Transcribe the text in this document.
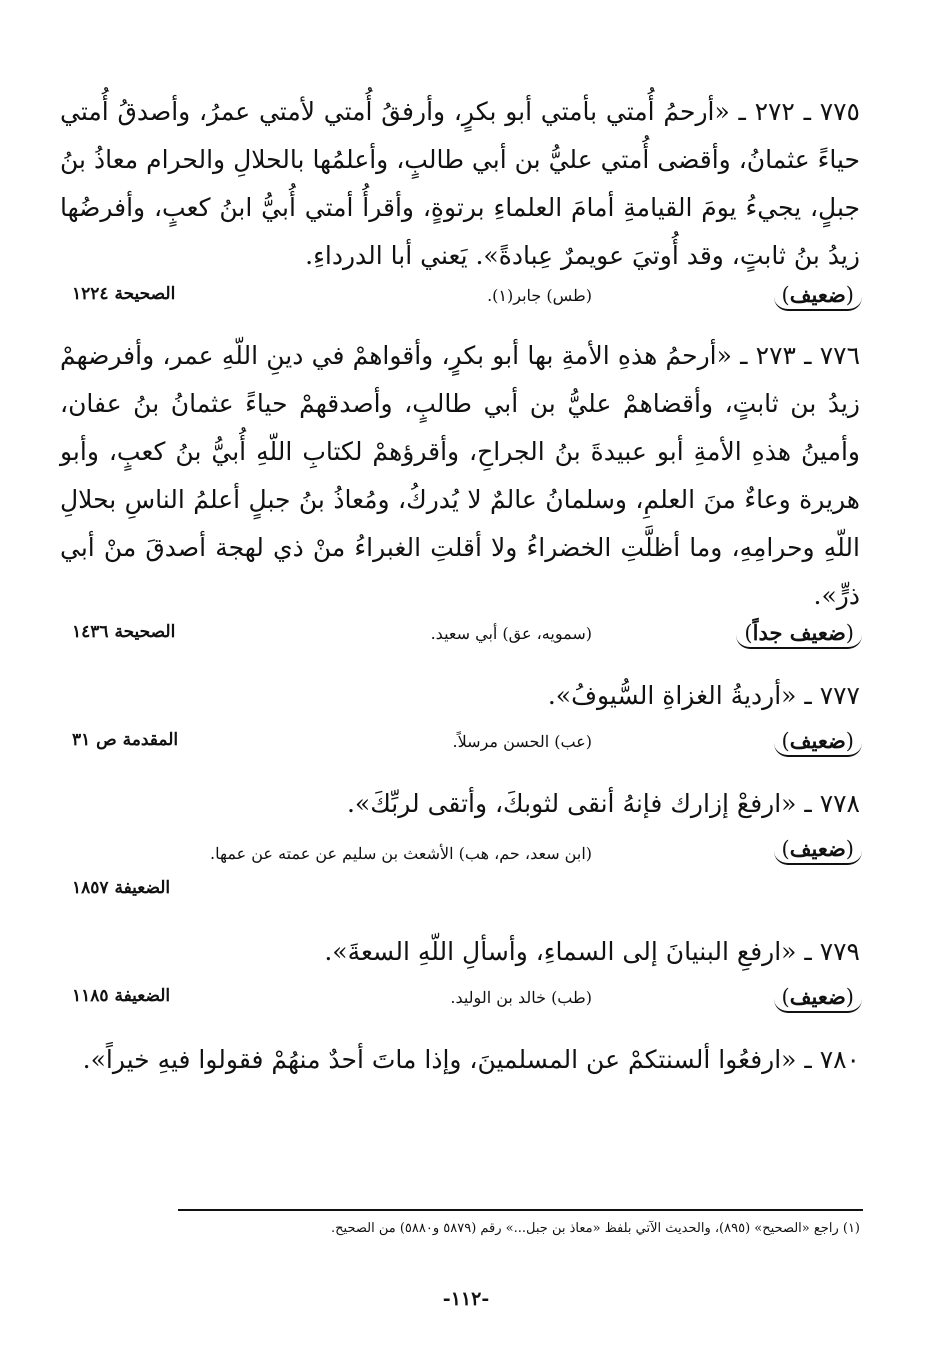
٧٧٥ ـ ٢٧٢ ـ «أرحمُ أُمتي بأمتي أبو بكرٍ، وأرفقُ أُمتي لأمتي عمرُ، وأصدقُ أُمتي حياءً عثمانُ، وأقضى أُمتي عليُّ بن أبي طالبٍ، وأعلمُها بالحلالِ والحرام معاذُ بنُ جبلٍ، يجيءُ يومَ القيامةِ أمامَ العلماءِ برتوةٍ، وأقرأُ أمتي أُبيُّ ابنُ كعبٍ، وأفرضُها زيدُ بنُ ثابتٍ، وقد أُوتيَ عويمرٌ عِبادةً». يَعني أبا الدرداءِ.
( ضعيف )
(طس) جابر(١).
الصحيحة ١٢٢٤
٧٧٦ ـ ٢٧٣ ـ «أرحمُ هذهِ الأمةِ بها أبو بكرٍ، وأقواهمْ في دينِ اللّهِ عمر، وأفرضهمْ زيدُ بن ثابتٍ، وأقضاهمْ عليُّ بن أبي طالبٍ، وأصدقهمْ حياءً عثمانُ بنُ عفان، وأمينُ هذهِ الأمةِ أبو عبيدةَ بنُ الجراحِ، وأقرؤهمْ لكتابِ اللّهِ أُبيُّ بنُ كعبٍ، وأبو هريرة وعاءٌ منَ العلمِ، وسلمانُ عالمٌ لا يُدركُ، ومُعاذُ بنُ جبلٍ أعلمُ الناسِ بحلالِ اللّهِ وحرامِهِ، وما أظلَّتِ الخضراءُ ولا أقلتِ الغبراءُ منْ ذي لهجة أصدقَ منْ أبي ذرٍّ».
( ضعيف جداً )
(سمويه، عق) أبي سعيد.
الصحيحة ١٤٣٦
٧٧٧ ـ «أرديةُ الغزاةِ السُّيوفُ».
( ضعيف )
(عب) الحسن مرسلاً.
المقدمة ص ٣١
٧٧٨ ـ «ارفعْ إزارك فإنهُ أنقى لثوبكَ، وأتقى لربِّكَ».
( ضعيف )
(ابن سعد، حم، هب) الأشعث بن سليم عن عمته عن عمها.
الضعيفة ١٨٥٧
٧٧٩ ـ «ارفعِ البنيانَ إلى السماءِ، وأسألِ اللّهِ السعةَ».
( ضعيف )
(طب) خالد بن الوليد.
الضعيفة ١١٨٥
٧٨٠ ـ «ارفعُوا ألسنتكمْ عن المسلمينَ، وإذا ماتَ أحدٌ منهُمْ فقولوا فيهِ خيراً».
(١) راجع «الصحيح» (٨٩٥)، والحديث الآتي بلفظ «معاذ بن جبل...» رقم (٥٨٧٩ و٥٨٨٠) من الصحيح.
-١١٢-
